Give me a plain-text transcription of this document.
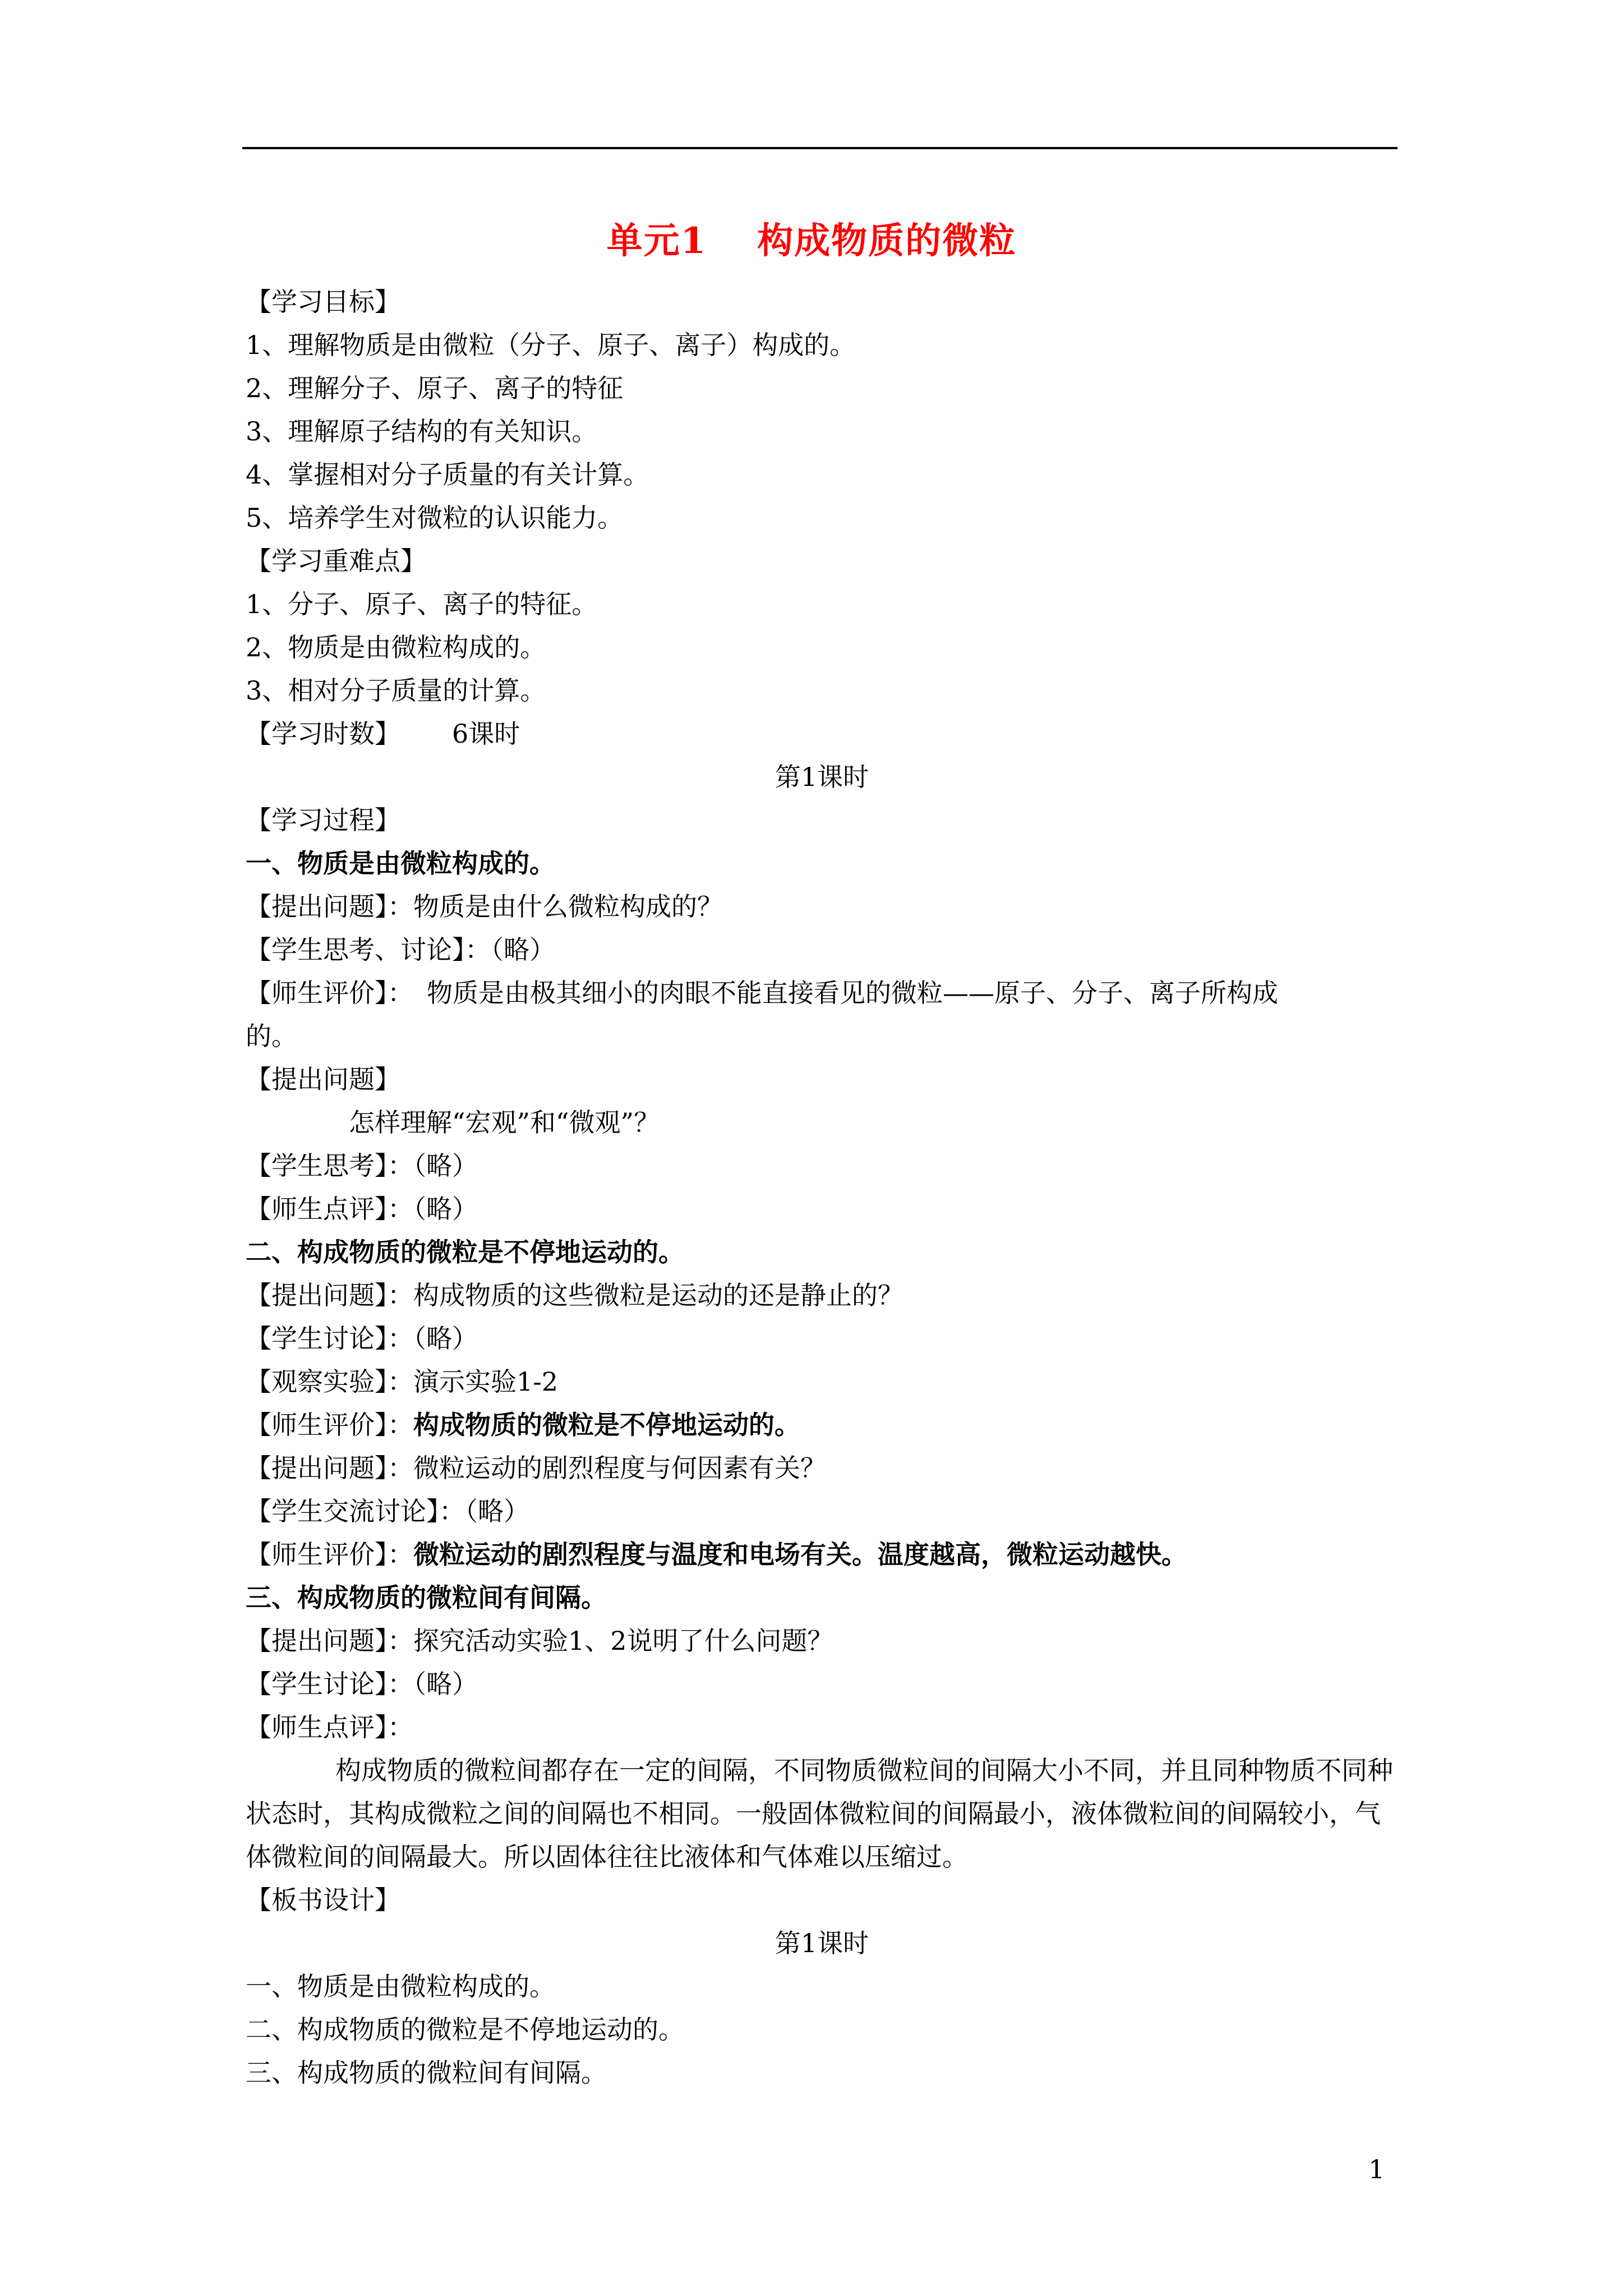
单元1 构成物质的微粒
【学习目标】
1、理解物质是由微粒（分子、原子、离子）构成的。
2、理解分子、原子、离子的特征
3、理解原子结构的有关知识。
4、掌握相对分子质量的有关计算。
5、培养学生对微粒的认识能力。
【学习重难点】
1、分子、原子、离子的特征。
2、物质是由微粒构成的。
3、相对分子质量的计算。
【学习时数】 6课时
第1课时
【学习过程】
一、物质是由微粒构成的。
【提出问题】：物质是由什么微粒构成的？
【学生思考、讨论】：（略）
【师生评价】： 物质是由极其细小的肉眼不能直接看见的微粒——原子、分子、离子所构成
的。
【提出问题】
怎样理解“宏观”和“微观”？
【学生思考】：（略）
【师生点评】：（略）
二、构成物质的微粒是不停地运动的。
【提出问题】：构成物质的这些微粒是运动的还是静止的？
【学生讨论】：（略）
【观察实验】：演示实验1-2
【师生评价】：构成物质的微粒是不停地运动的。
【提出问题】：微粒运动的剧烈程度与何因素有关？
【学生交流讨论】：（略）
【师生评价】：微粒运动的剧烈程度与温度和电场有关。温度越高，微粒运动越快。
三、构成物质的微粒间有间隔。
【提出问题】：探究活动实验1、2说明了什么问题？
【学生讨论】：（略）
【师生点评】：
构成物质的微粒间都存在一定的间隔，不同物质微粒间的间隔大小不同，并且同种物质不同种状态时，其构成微粒之间的间隔也不相同。一般固体微粒间的间隔最小，液体微粒间的间隔较小，气体微粒间的间隔最大。所以固体往往比液体和气体难以压缩过。
【板书设计】
第1课时
一、物质是由微粒构成的。
二、构成物质的微粒是不停地运动的。
三、构成物质的微粒间有间隔。
1
